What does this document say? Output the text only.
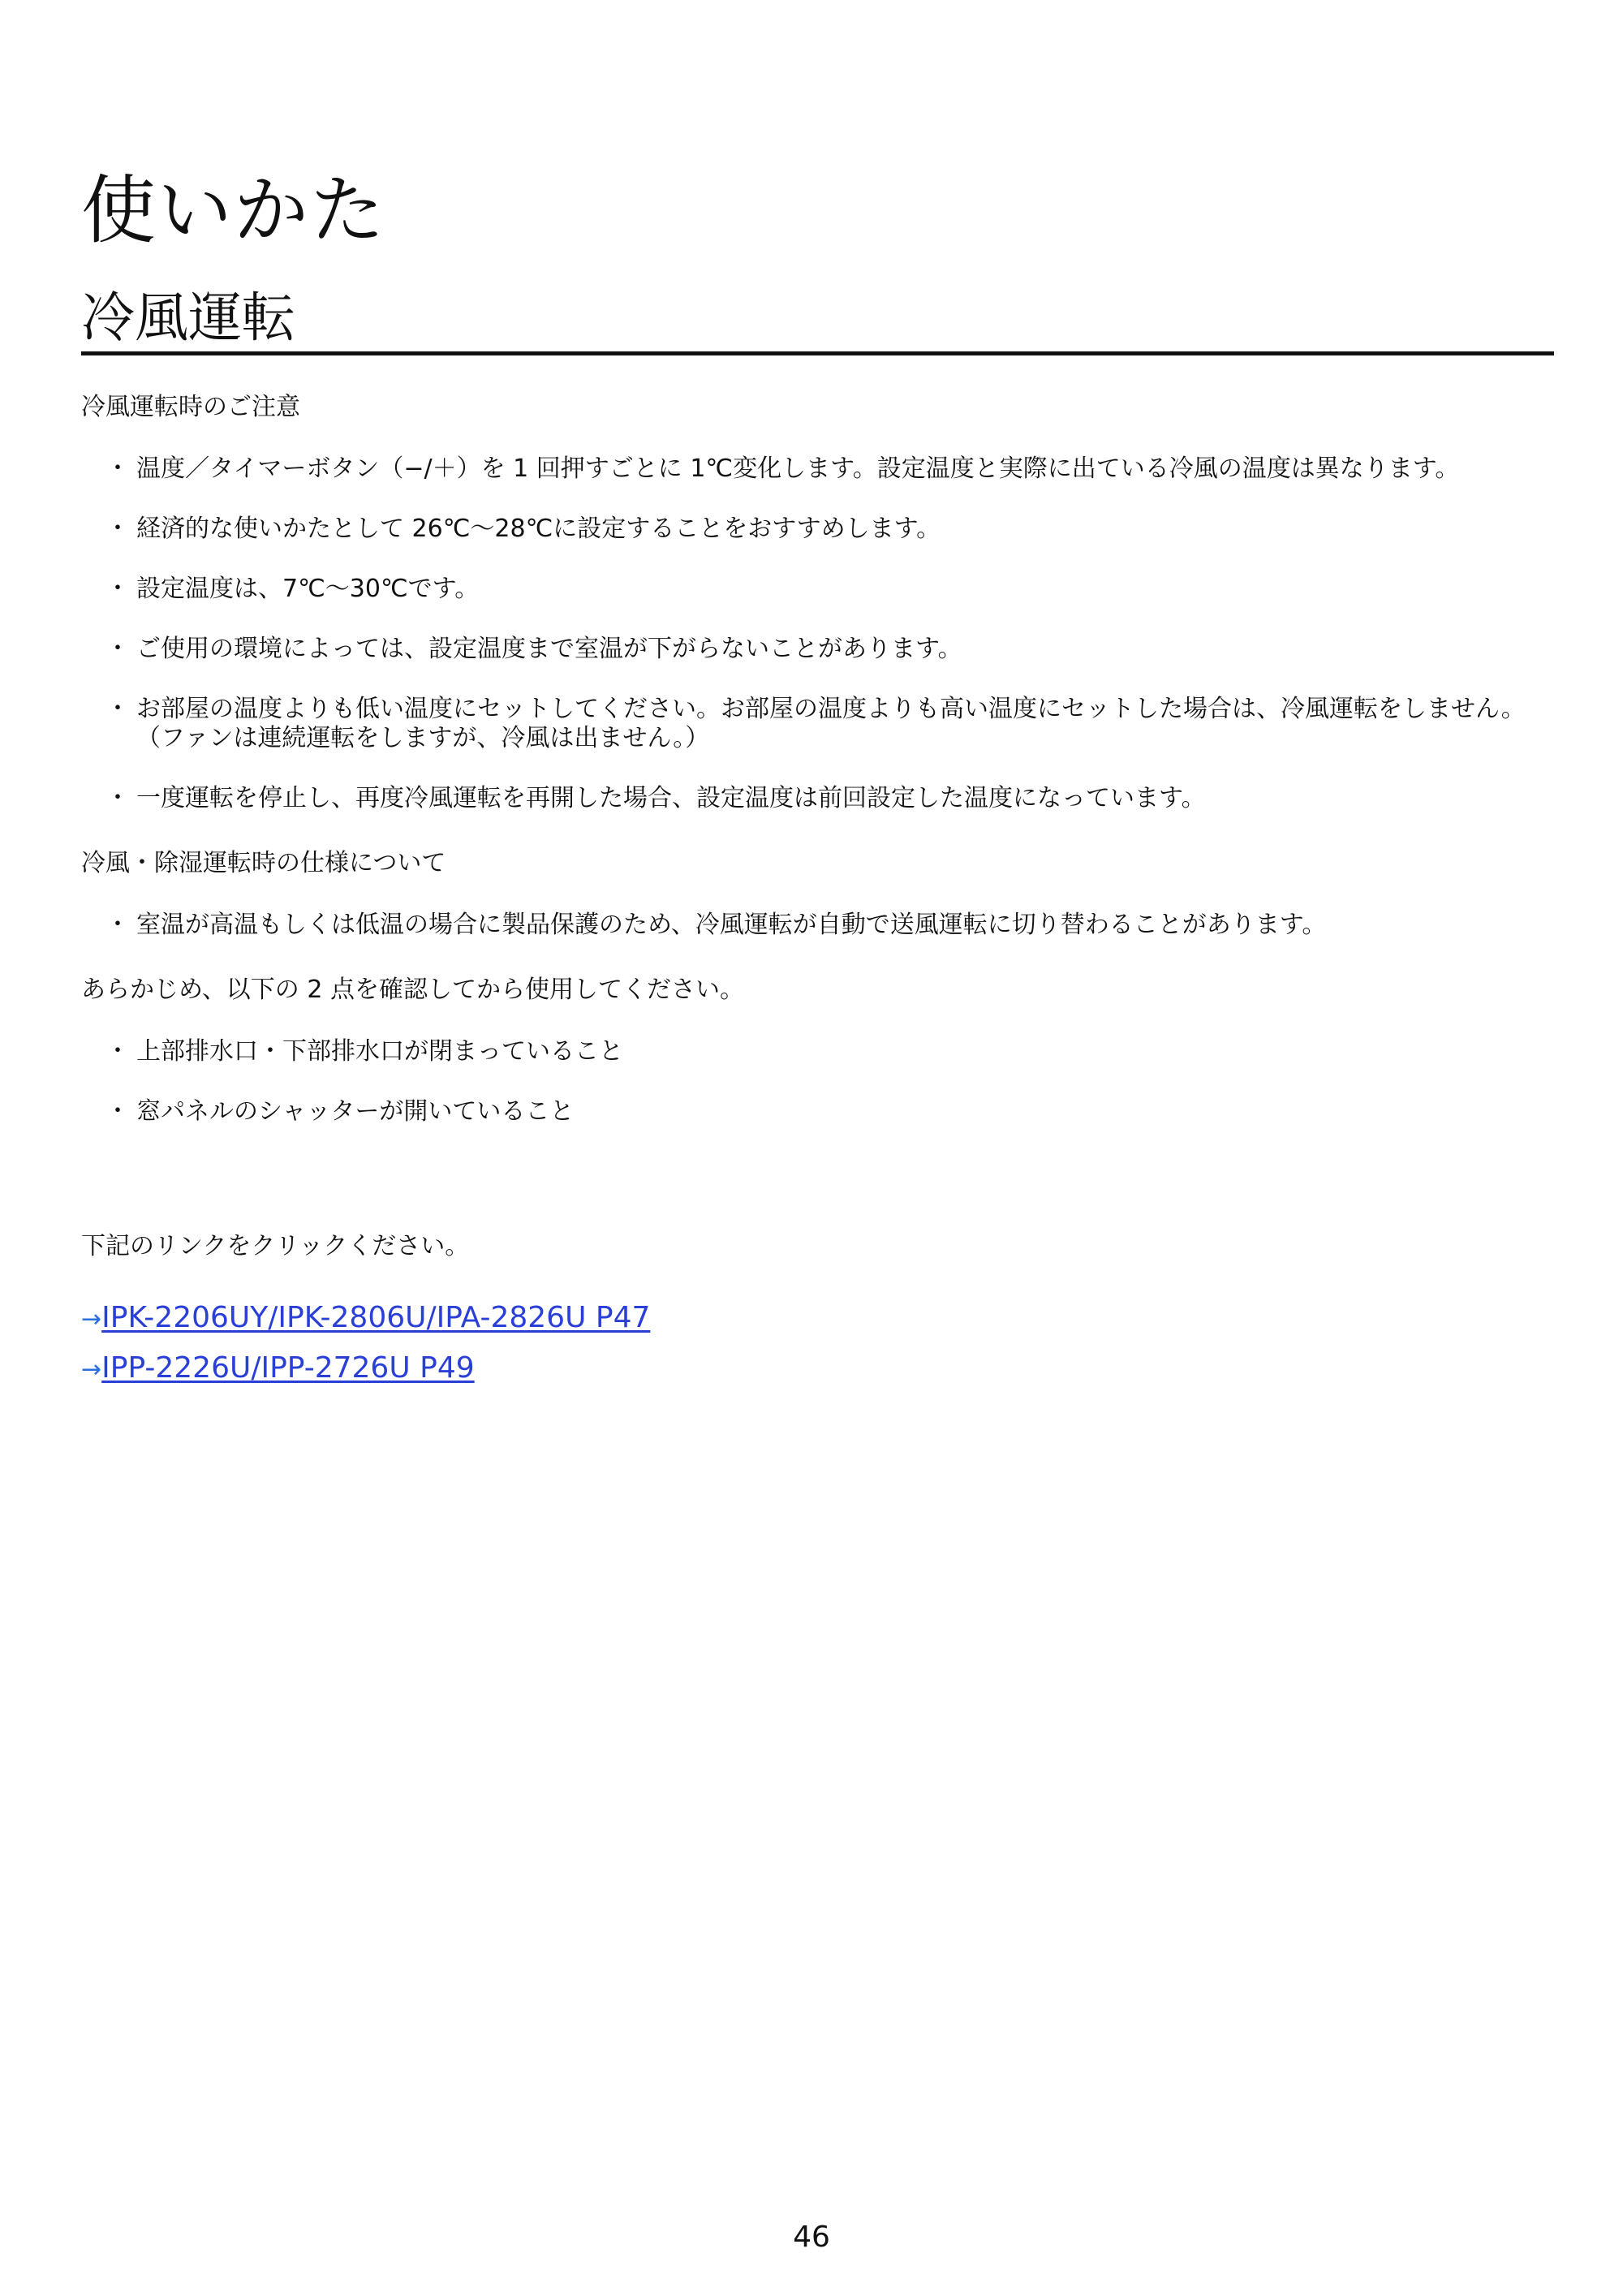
使いかた
冷風運転

冷風運転時のご注意

・ 温度／タイマーボタン（−/＋）を 1 回押すごとに 1℃変化します。設定温度と実際に出ている冷風の温度は異なります。
・ 経済的な使いかたとして 26℃〜28℃に設定することをおすすめします。
・ 設定温度は、7℃〜30℃です。
・ ご使用の環境によっては、設定温度まで室温が下がらないことがあります。
・ お部屋の温度よりも低い温度にセットしてください。お部屋の温度よりも高い温度にセットした場合は、冷風運転をしません。（ファンは連続運転をしますが、冷風は出ません。）
・ 一度運転を停止し、再度冷風運転を再開した場合、設定温度は前回設定した温度になっています。

冷風・除湿運転時の仕様について

・ 室温が高温もしくは低温の場合に製品保護のため、冷風運転が自動で送風運転に切り替わることがあります。

あらかじめ、以下の 2 点を確認してから使用してください。

・ 上部排水口・下部排水口が閉まっていること
・ 窓パネルのシャッターが開いていること

下記のリンクをクリックください。

→IPK-2206UY/IPK-2806U/IPA-2826U P47

→IPP-2226U/IPP-2726U P49

46
